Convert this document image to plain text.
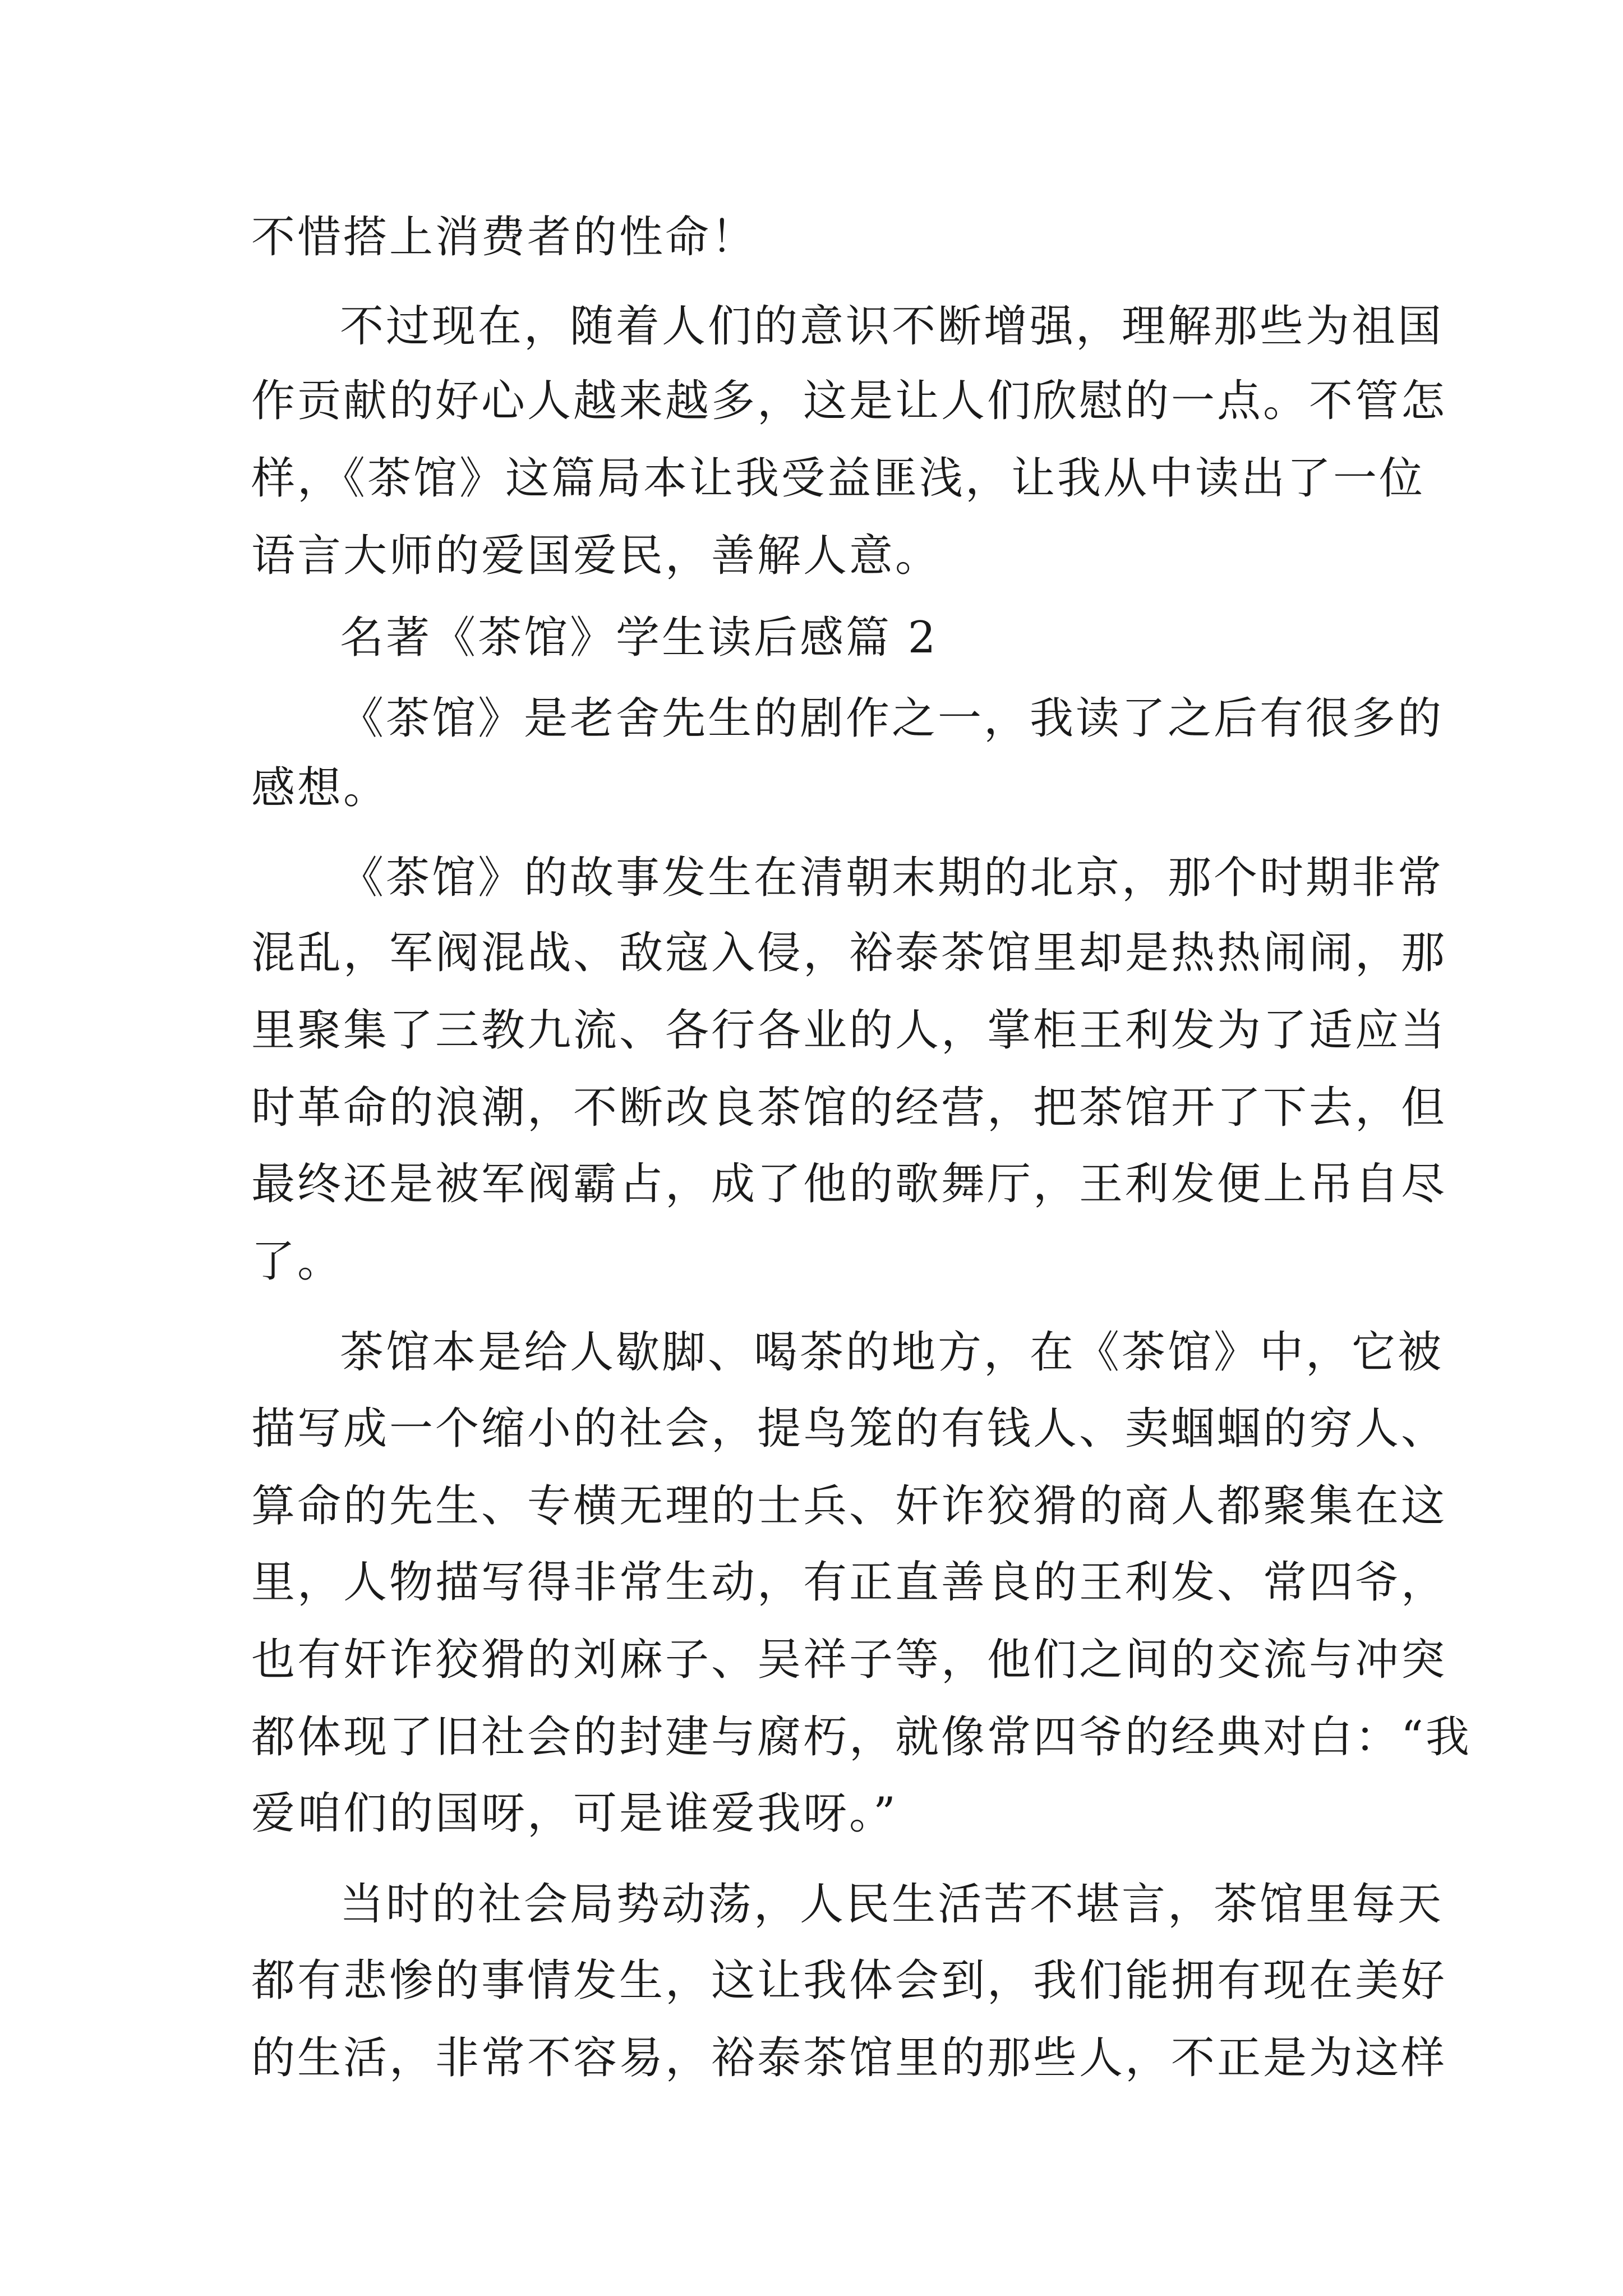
不惜搭上消费者的性命！
不过现在，随着人们的意识不断增强，理解那些为祖国
作贡献的好心人越来越多，这是让人们欣慰的一点。不管怎
样，《茶馆》这篇局本让我受益匪浅，让我从中读出了一位
语言大师的爱国爱民，善解人意。
名著《茶馆》学生读后感篇 2
《茶馆》是老舍先生的剧作之一，我读了之后有很多的
感想。
《茶馆》的故事发生在清朝末期的北京，那个时期非常
混乱，军阀混战、敌寇入侵，裕泰茶馆里却是热热闹闹，那
里聚集了三教九流、各行各业的人，掌柜王利发为了适应当
时革命的浪潮，不断改良茶馆的经营，把茶馆开了下去，但
最终还是被军阀霸占，成了他的歌舞厅，王利发便上吊自尽
了。
茶馆本是给人歇脚、喝茶的地方，在《茶馆》中，它被
描写成一个缩小的社会，提鸟笼的有钱人、卖蝈蝈的穷人、
算命的先生、专横无理的士兵、奸诈狡猾的商人都聚集在这
里，人物描写得非常生动，有正直善良的王利发、常四爷，
也有奸诈狡猾的刘麻子、吴祥子等，他们之间的交流与冲突
都体现了旧社会的封建与腐朽，就像常四爷的经典对白：“我
爱咱们的国呀，可是谁爱我呀。”
当时的社会局势动荡，人民生活苦不堪言，茶馆里每天
都有悲惨的事情发生，这让我体会到，我们能拥有现在美好
的生活，非常不容易，裕泰茶馆里的那些人，不正是为这样
